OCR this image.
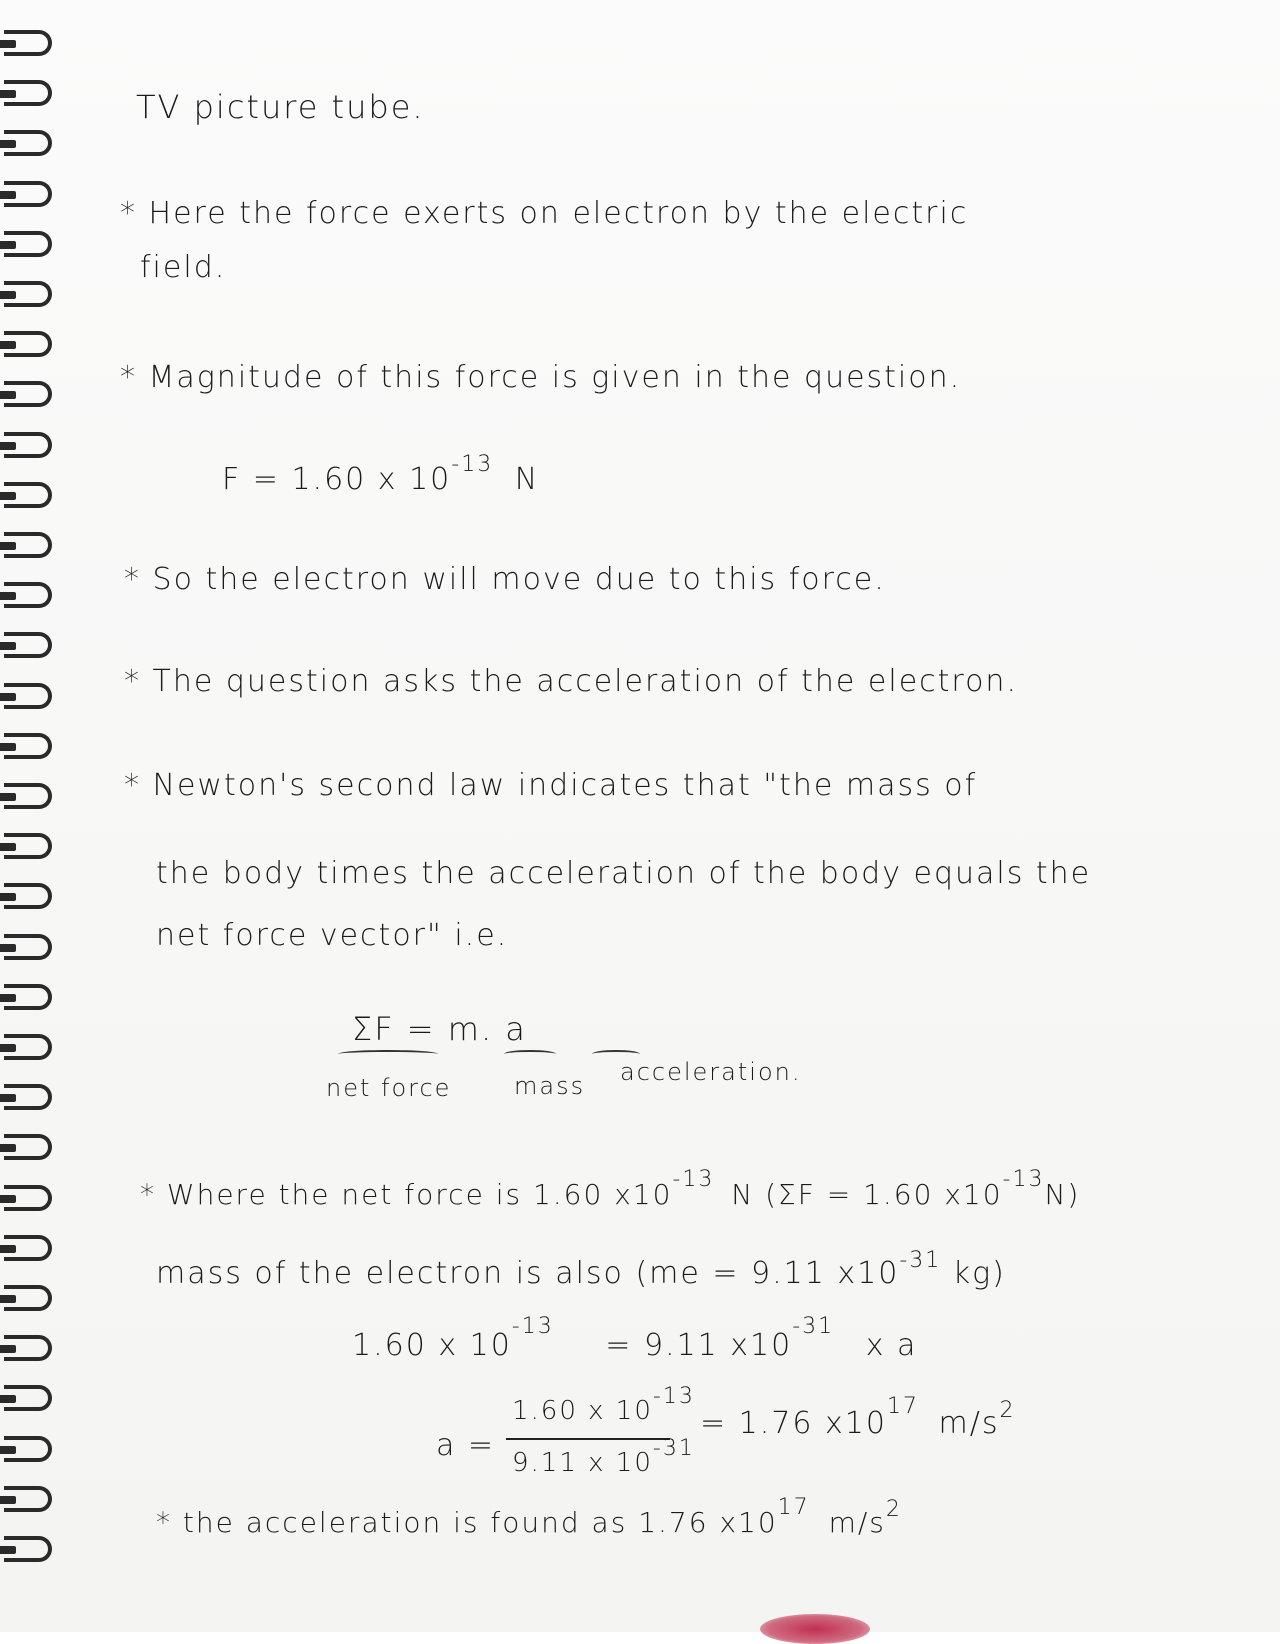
TV picture tube.
* Here the force exerts on electron by the electric
field.
* Magnitude of this force is given in the question.
F = 1.60 x $10^{-13}$ N
* So the electron will move due to this force.
* The question asks the acceleration of the electron.
* Newton's second law indicates that "the mass of
the body times the acceleration of the body equals the
net force vector" i.e.
ΣF = m. a
net force	mass acceleration.
* Where the net force is 1.60 $x10^{-13}$ N (ΣF = 1.60 $x10^{-13}N$)
mass of the electron is also (me = 9.11 $x10^{-31}$ kg)
1.60 x $10^{-13} = 9.11$ $x10^{-31}$ x a
a =
1.60 x $10^{-13}$
9.11 x $10^{-31}$
= 1.76 $x10^{17}$ $m/s^2$
* the acceleration is found as 1.76 $x10^{17}$ $m/s^2$
